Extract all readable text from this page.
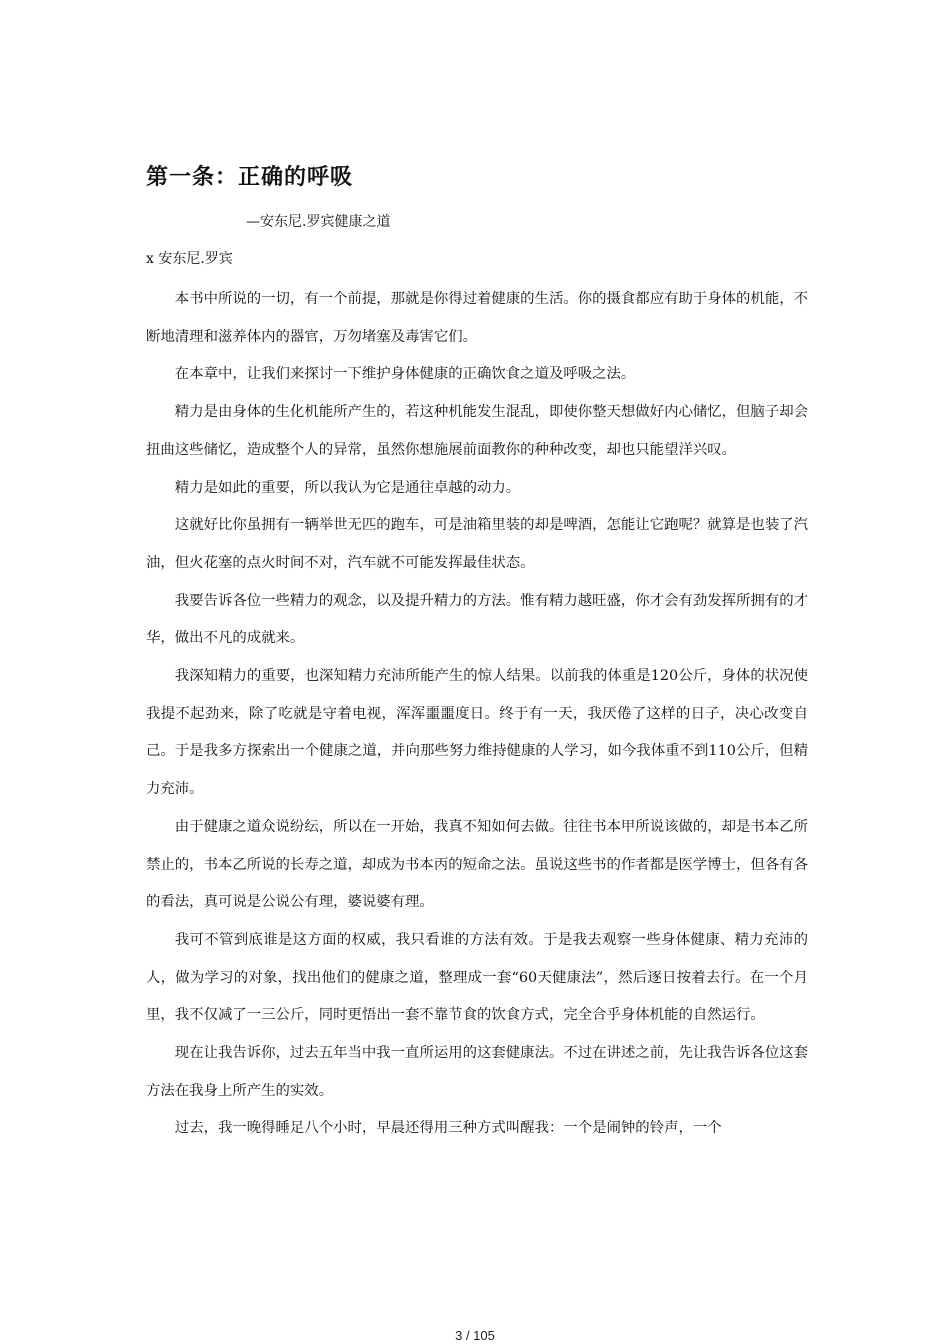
第一条：正确的呼吸
—安东尼.罗宾健康之道
x 安东尼.罗宾

本书中所说的一切，有一个前提，那就是你得过着健康的生活。你的摄食都应有助于身体的机能，不断地清理和滋养体内的器官，万勿堵塞及毒害它们。

在本章中，让我们来探讨一下维护身体健康的正确饮食之道及呼吸之法。

精力是由身体的生化机能所产生的，若这种机能发生混乱，即使你整天想做好内心储忆，但脑子却会扭曲这些储忆，造成整个人的异常，虽然你想施展前面教你的种种改变，却也只能望洋兴叹。

精力是如此的重要，所以我认为它是通往卓越的动力。

这就好比你虽拥有一辆举世无匹的跑车，可是油箱里装的却是啤酒，怎能让它跑呢？就算是也装了汽油，但火花塞的点火时间不对，汽车就不可能发挥最佳状态。

我要告诉各位一些精力的观念，以及提升精力的方法。惟有精力越旺盛，你才会有劲发挥所拥有的才华，做出不凡的成就来。

我深知精力的重要，也深知精力充沛所能产生的惊人结果。以前我的体重是120公斤，身体的状况使我提不起劲来，除了吃就是守着电视，浑浑噩噩度日。终于有一天，我厌倦了这样的日子，决心改变自己。于是我多方探索出一个健康之道，并向那些努力维持健康的人学习，如今我体重不到110公斤，但精力充沛。

由于健康之道众说纷纭，所以在一开始，我真不知如何去做。往往书本甲所说该做的，却是书本乙所禁止的，书本乙所说的长寿之道，却成为书本丙的短命之法。虽说这些书的作者都是医学博士，但各有各的看法，真可说是公说公有理，婆说婆有理。

我可不管到底谁是这方面的权威，我只看谁的方法有效。于是我去观察一些身体健康、精力充沛的人，做为学习的对象，找出他们的健康之道，整理成一套“60天健康法”，然后逐日按着去行。在一个月里，我不仅减了一三公斤，同时更悟出一套不靠节食的饮食方式，完全合乎身体机能的自然运行。

现在让我告诉你，过去五年当中我一直所运用的这套健康法。不过在讲述之前，先让我告诉各位这套方法在我身上所产生的实效。

过去，我一晚得睡足八个小时，早晨还得用三种方式叫醒我：一个是闹钟的铃声，一个

3 / 105
